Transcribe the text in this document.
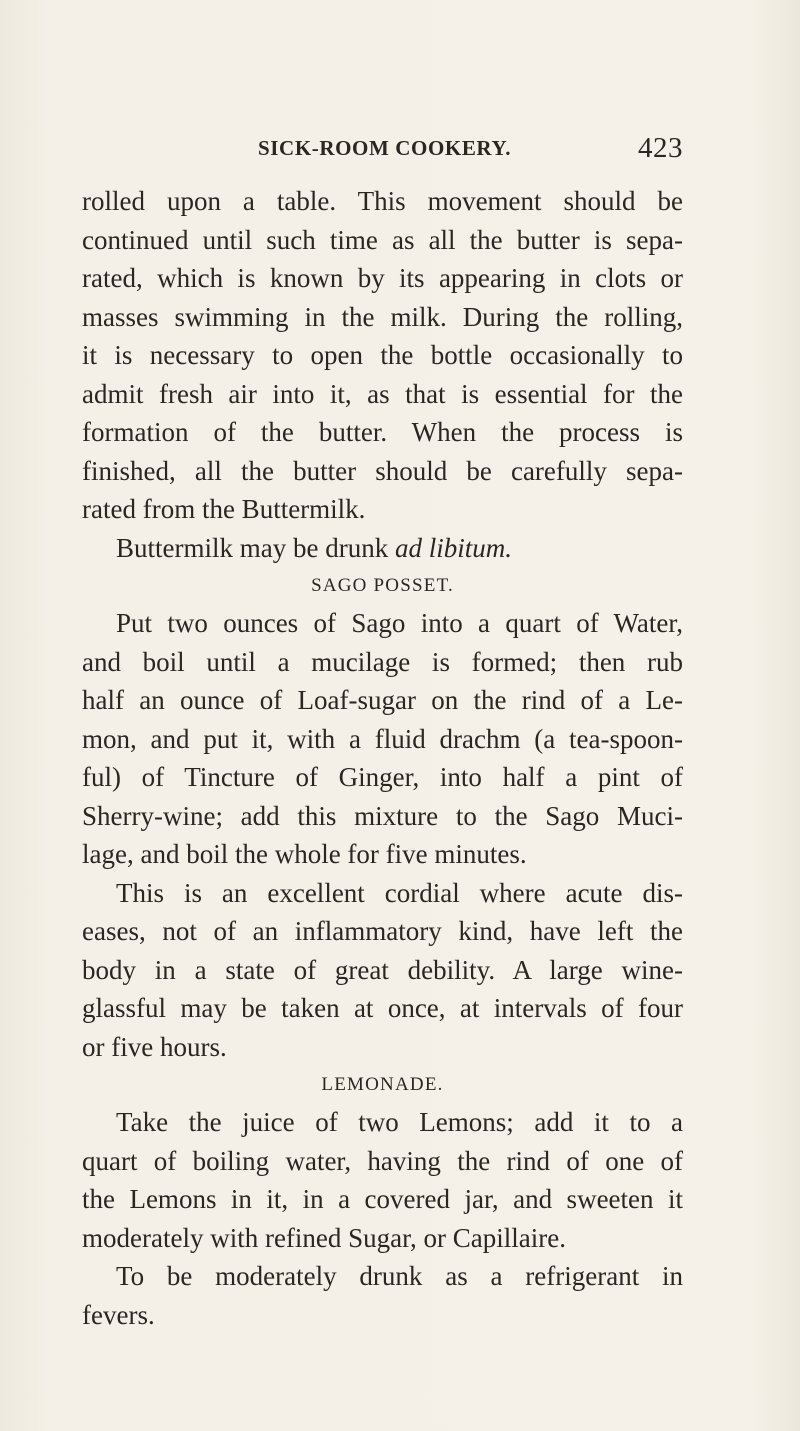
SICK-ROOM COOKERY.	423
rolled upon a table. This movement should be
continued until such time as all the butter is sepa-
rated, which is known by its appearing in clots or
masses swimming in the milk. During the rolling,
it is necessary to open the bottle occasionally to
admit fresh air into it, as that is essential for the
formation of the butter. When the process is
finished, all the butter should be carefully sepa-
rated from the Buttermilk.
Buttermilk may be drunk ad libitum.
SAGO POSSET.
Put two ounces of Sago into a quart of Water,
and boil until a mucilage is formed; then rub
half an ounce of Loaf-sugar on the rind of a Le-
mon, and put it, with a fluid drachm (a tea-spoon-
ful) of Tincture of Ginger, into half a pint of
Sherry-wine; add this mixture to the Sago Muci-
lage, and boil the whole for five minutes.
This is an excellent cordial where acute dis-
eases, not of an inflammatory kind, have left the
body in a state of great debility. A large wine-
glassful may be taken at once, at intervals of four
or five hours.
LEMONADE.
Take the juice of two Lemons; add it to a
quart of boiling water, having the rind of one of
the Lemons in it, in a covered jar, and sweeten it
moderately with refined Sugar, or Capillaire.
To be moderately drunk as a refrigerant in
fevers.
